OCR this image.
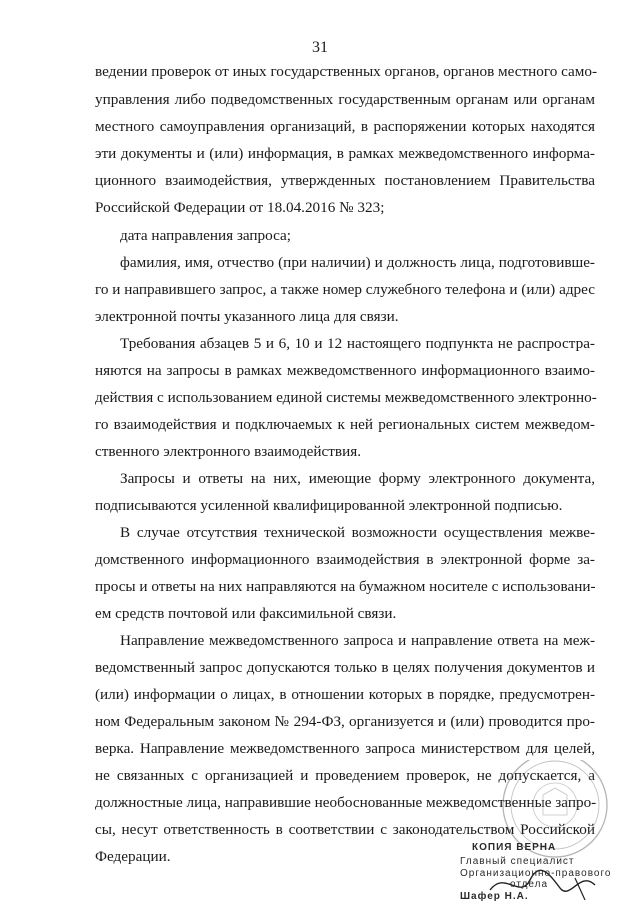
31
ведении проверок от иных государственных органов, органов местного само-
управления либо подведомственных государственным органам или органам
местного самоуправления организаций, в распоряжении которых находятся
эти документы и (или) информация, в рамках межведомственного информа-
ционного взаимодействия, утвержденных постановлением Правительства
Российской Федерации от 18.04.2016 № 323;
дата направления запроса;
фамилия, имя, отчество (при наличии) и должность лица, подготовивше-
го и направившего запрос, а также номер служебного телефона и (или) адрес
электронной почты указанного лица для связи.
Требования абзацев 5 и 6, 10 и 12 настоящего подпункта не распростра-
няются на запросы в рамках межведомственного информационного взаимо-
действия с использованием единой системы межведомственного электронно-
го взаимодействия и подключаемых к ней региональных систем межведом-
ственного электронного взаимодействия.
Запросы и ответы на них, имеющие форму электронного документа,
подписываются усиленной квалифицированной электронной подписью.
В случае отсутствия технической возможности осуществления межве-
домственного информационного взаимодействия в электронной форме за-
просы и ответы на них направляются на бумажном носителе с использовани-
ем средств почтовой или факсимильной связи.
Направление межведомственного запроса и направление ответа на меж-
ведомственный запрос допускаются только в целях получения документов и
(или) информации о лицах, в отношении которых в порядке, предусмотрен-
ном Федеральным законом № 294-ФЗ, организуется и (или) проводится про-
верка. Направление межведомственного запроса министерством для целей,
не связанных с организацией и проведением проверок, не допускается, а
должностные лица, направившие необоснованные межведомственные запро-
сы, несут ответственность в соответствии с законодательством Российской
Федерации.
КОПИЯ ВЕРНА
Главный специалист
Организационно-правового
отдела
Шафер Н.А.
